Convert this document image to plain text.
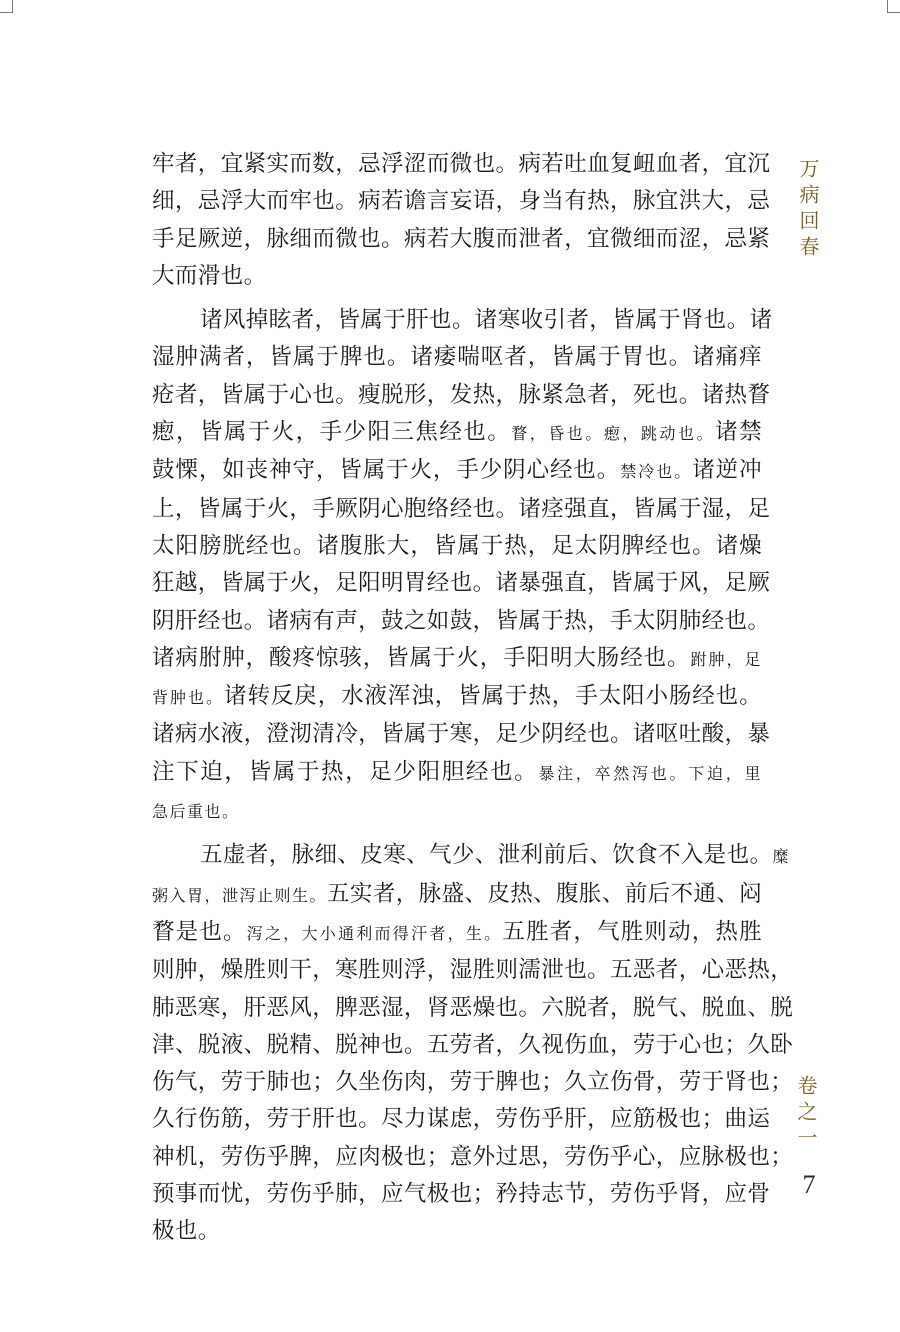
牢者，宜紧实而数，忌浮涩而微也。病若吐血复衄血者，宜沉
细，忌浮大而牢也。病若谵言妄语，身当有热，脉宜洪大，忌
手足厥逆，脉细而微也。病若大腹而泄者，宜微细而涩，忌紧
大而滑也。
诸风掉眩者，皆属于肝也。诸寒收引者，皆属于肾也。诸
湿肿满者，皆属于脾也。诸痿喘呕者，皆属于胃也。诸痛痒
疮者，皆属于心也。瘦脱形，发热，脉紧急者，死也。诸热瞀
瘛，皆属于火，手少阳三焦经也。瞀，昏也。瘛，跳动也。诸禁
鼓慄，如丧神守，皆属于火，手少阴心经也。禁冷也。诸逆冲
上，皆属于火，手厥阴心胞络经也。诸痉强直，皆属于湿，足
太阳膀胱经也。诸腹胀大，皆属于热，足太阴脾经也。诸燥
狂越，皆属于火，足阳明胃经也。诸暴强直，皆属于风，足厥
阴肝经也。诸病有声，鼓之如鼓，皆属于热，手太阴肺经也。
诸病胕肿，酸疼惊骇，皆属于火，手阳明大肠经也。跗肿，足
背肿也。诸转反戾，水液浑浊，皆属于热，手太阳小肠经也。
诸病水液，澄沏清冷，皆属于寒，足少阴经也。诸呕吐酸，暴
注下迫，皆属于热，足少阳胆经也。暴注，卒然泻也。下迫，里
急后重也。
五虚者，脉细、皮寒、气少、泄利前后、饮食不入是也。糜
粥入胃，泄泻止则生。五实者，脉盛、皮热、腹胀、前后不通、闷
瞀是也。泻之，大小通利而得汗者，生。五胜者，气胜则动，热胜
则肿，燥胜则干，寒胜则浮，湿胜则濡泄也。五恶者，心恶热，
肺恶寒，肝恶风，脾恶湿，肾恶燥也。六脱者，脱气、脱血、脱
津、脱液、脱精、脱神也。五劳者，久视伤血，劳于心也；久卧
伤气，劳于肺也；久坐伤肉，劳于脾也；久立伤骨，劳于肾也；
久行伤筋，劳于肝也。尽力谋虑，劳伤乎肝，应筋极也；曲运
神机，劳伤乎脾，应肉极也；意外过思，劳伤乎心，应脉极也；
预事而忧，劳伤乎肺，应气极也；矜持志节，劳伤乎肾，应骨
极也。
万病回春
卷之一
7
